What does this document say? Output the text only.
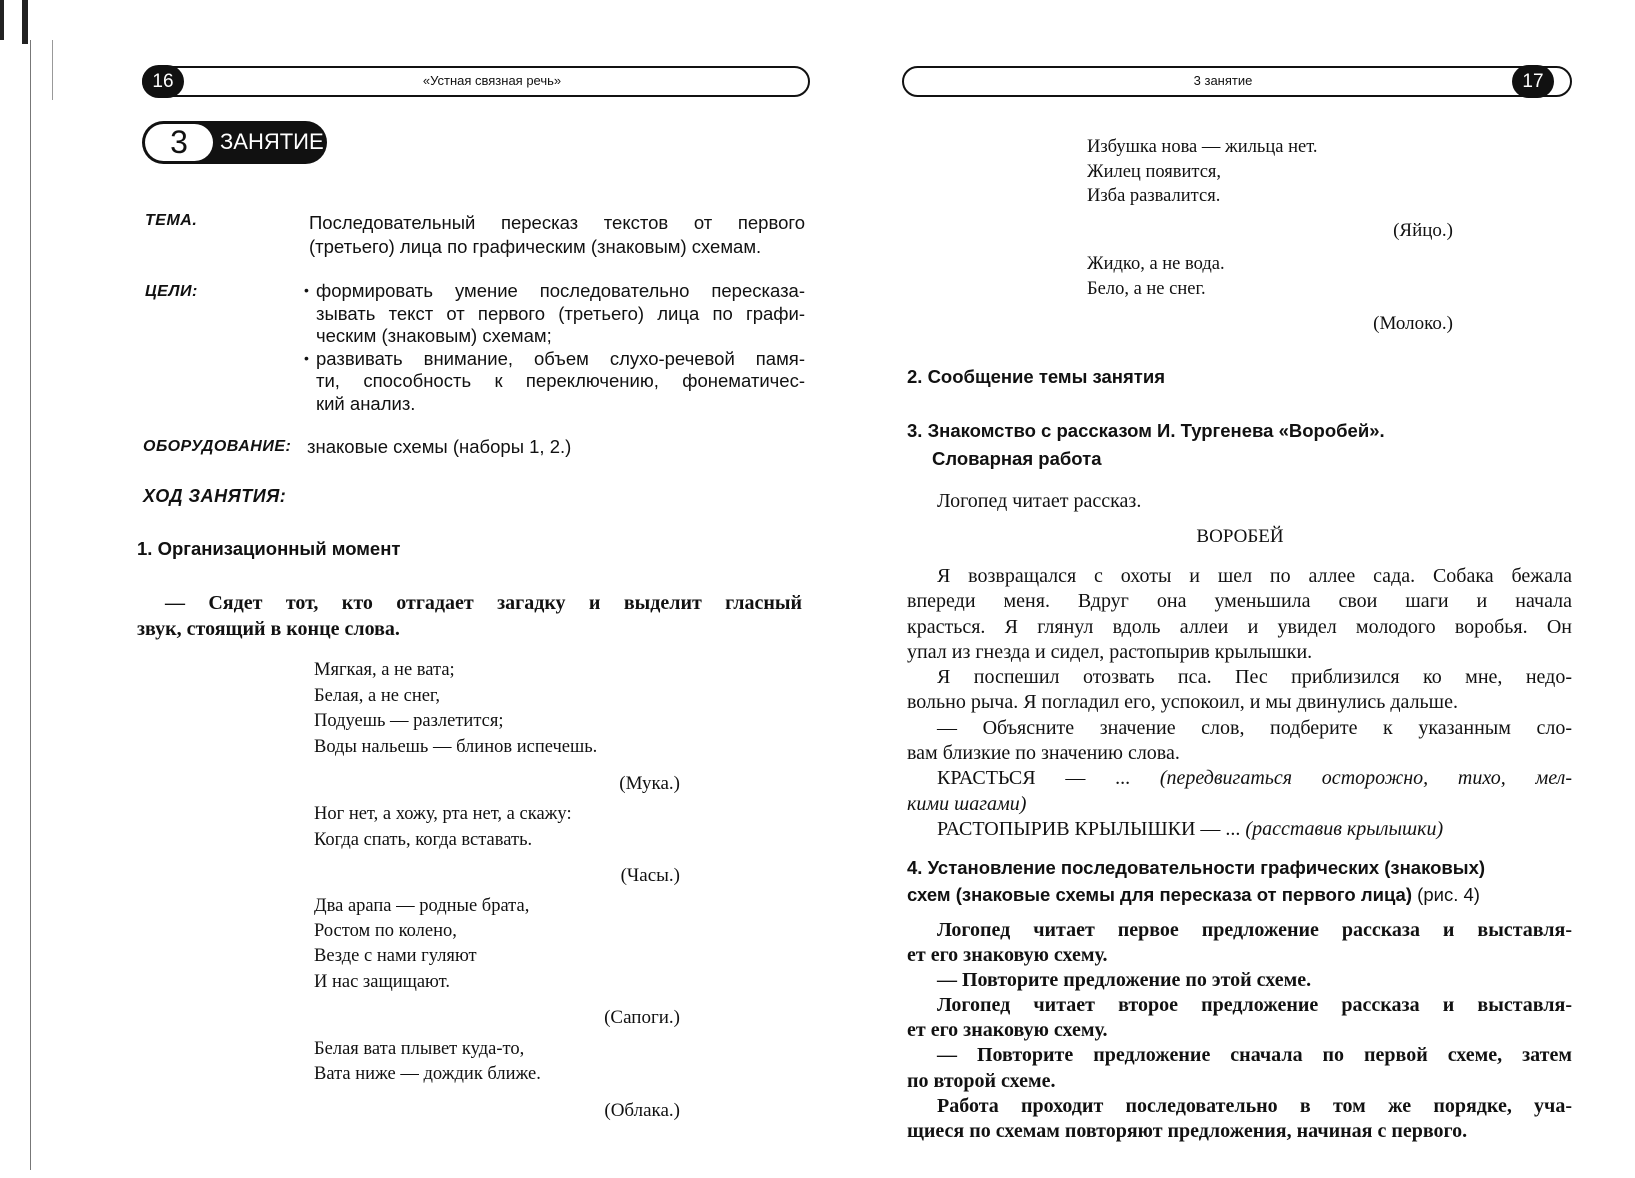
16	«Устная связная речь»
3	ЗАНЯТИЕ
ТЕМА.	Последовательный пересказ текстов от первого
(третьего) лица по графическим (знаковым) схемам.
ЦЕЛИ:	• формировать умение последовательно пересказа-
зывать текст от первого (третьего) лица по графи-
ческим (знаковым) схемам;
• развивать внимание, объем слухо-речевой памя-
ти, способность к переключению, фонематичес-
кий анализ.
ОБОРУДОВАНИЕ: знаковые схемы (наборы 1, 2.)
ХОД ЗАНЯТИЯ:
1. Организационный момент
— Сядет тот, кто отгадает загадку и выделит гласный
звук, стоящий в конце слова.
Мягкая, а не вата;
Белая, а не снег,
Подуешь — разлетится;
Воды нальешь — блинов испечешь.
(Мука.)
Ног нет, а хожу, рта нет, а скажу:
Когда спать, когда вставать.
(Часы.)
Два арапа — родные брата,
Ростом по колено,
Везде с нами гуляют
И нас защищают.
(Сапоги.)
Белая вата плывет куда-то,
Вата ниже — дождик ближе.
(Облака.)
3 занятие	17
Избушка нова — жильца нет.
Жилец появится,
Изба развалится.
(Яйцо.)
Жидко, а не вода.
Бело, а не снег.
(Молоко.)
2. Сообщение темы занятия
3. Знакомство с рассказом И. Тургенева «Воробей».
Словарная работа
Логопед читает рассказ.
ВОРОБЕЙ
Я возвращался с охоты и шел по аллее сада. Собака бежала
впереди меня. Вдруг она уменьшила свои шаги и начала
красться. Я глянул вдоль аллеи и увидел молодого воробья. Он
упал из гнезда и сидел, растопырив крылышки.
Я поспешил отозвать пса. Пес приблизился ко мне, недо-
вольно рыча. Я погладил его, успокоил, и мы двинулись дальше.
— Объясните значение слов, подберите к указанным сло-
вам близкие по значению слова.
КРАСТЬСЯ — ... (передвигаться осторожно, тихо, мел-
кими шагами)
РАСТОПЫРИВ КРЫЛЫШКИ — ... (расставив крылышки)
4. Установление последовательности графических (знаковых)
схем (знаковые схемы для пересказа от первого лица) (рис. 4)
Логопед читает первое предложение рассказа и выставля-
ет его знаковую схему.
— Повторите предложение по этой схеме.
Логопед читает второе предложение рассказа и выставля-
ет его знаковую схему.
— Повторите предложение сначала по первой схеме, затем
по второй схеме.
Работа проходит последовательно в том же порядке, уча-
щиеся по схемам повторяют предложения, начиная с первого.
